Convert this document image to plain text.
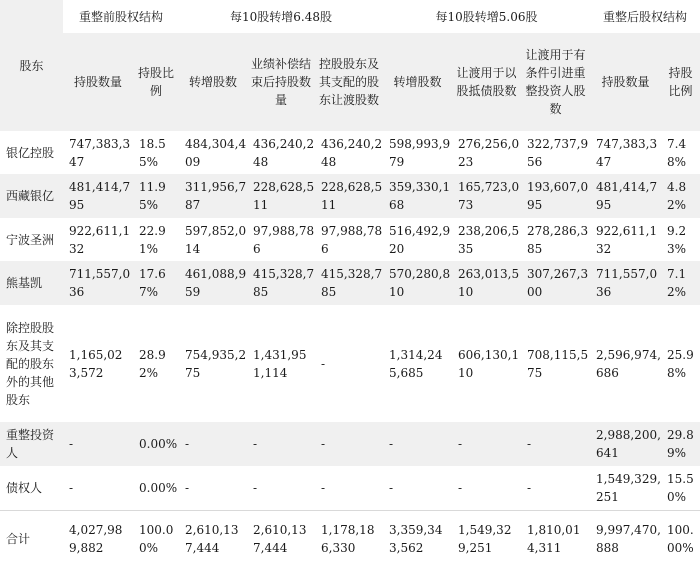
股东	重整前股权结构		每10股转增6.48股			每10股转增5.06股			重整后股权结构	
	持股数量	持股比例	转增股数	业绩补偿结束后持股数量	控股股东及其支配的股东让渡股数	转增股数	让渡用于以股抵债股数	让渡用于有条件引进重整投资人股数	持股数量	持股比例
银亿控股	747,383,347	18.55%	484,304,409	436,240,248	436,240,248	598,993,979	276,256,023	322,737,956	747,383,347	7.48%
西藏银亿	481,414,795	11.95%	311,956,787	228,628,511	228,628,511	359,330,168	165,723,073	193,607,095	481,414,795	4.82%
宁波圣洲	922,611,132	22.91%	597,852,014	97,988,786	97,988,786	516,492,920	238,206,535	278,286,385	922,611,132	9.23%
熊基凯	711,557,036	17.67%	461,088,959	415,328,785	415,328,785	570,280,810	263,013,510	307,267,300	711,557,036	7.12%
除控股股东及其支配的股东外的其他股东	1,165,023,572	28.92%	754,935,275	1,431,951,114	-	1,314,245,685	606,130,110	708,115,575	2,596,974,686	25.98%
重整投资人	-	0.00%	-	-	-	-	-	-	2,988,200,641	29.89%
债权人	-	0.00%	-	-	-	-	-	-	1,549,329,251	15.50%
合计	4,027,989,882	100.00%	2,610,137,444	2,610,137,444	1,178,186,330	3,359,343,562	1,549,329,251	1,810,014,311	9,997,470,888	100.00%
